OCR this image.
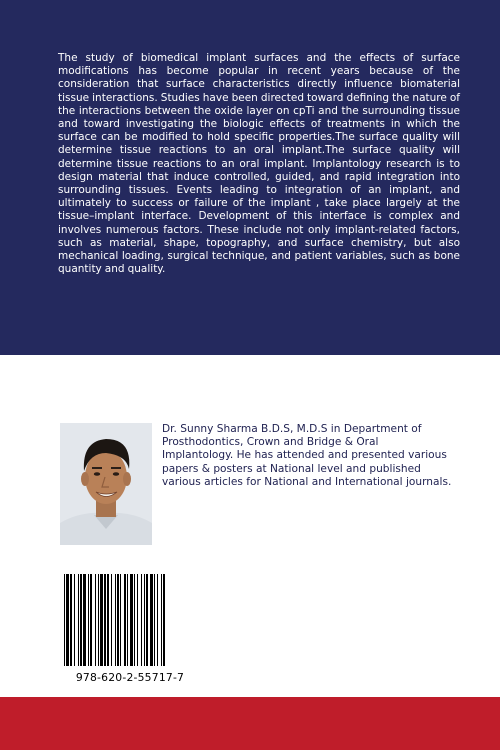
The study of biomedical implant surfaces and the effects of surface modifications has become popular in recent years because of the consideration that surface characteristics directly influence biomaterial tissue interactions. Studies have been directed toward defining the nature of the interactions between the oxide layer on cpTi and the surrounding tissue and toward investigating the biologic effects of treatments in which the surface can be modified to hold specific properties.The surface quality will determine tissue reactions to an oral implant.The surface quality will determine tissue reactions to an oral implant. Implantology research is to design material that induce controlled, guided, and rapid integration into surrounding tissues. Events leading to integration of an implant, and ultimately to success or failure of the implant , take place largely at the tissue–implant interface. Development of this interface is complex and involves numerous factors. These include not only implant-related factors, such as material, shape, topography, and surface chemistry, but also mechanical loading, surgical technique, and patient variables, such as bone quantity and quality.

Dr. Sunny Sharma B.D.S, M.D.S in Department of Prosthodontics, Crown and Bridge & Oral Implantology. He has attended and presented various papers & posters at National level and published various articles for National and International journals.

978-620-2-55717-7
